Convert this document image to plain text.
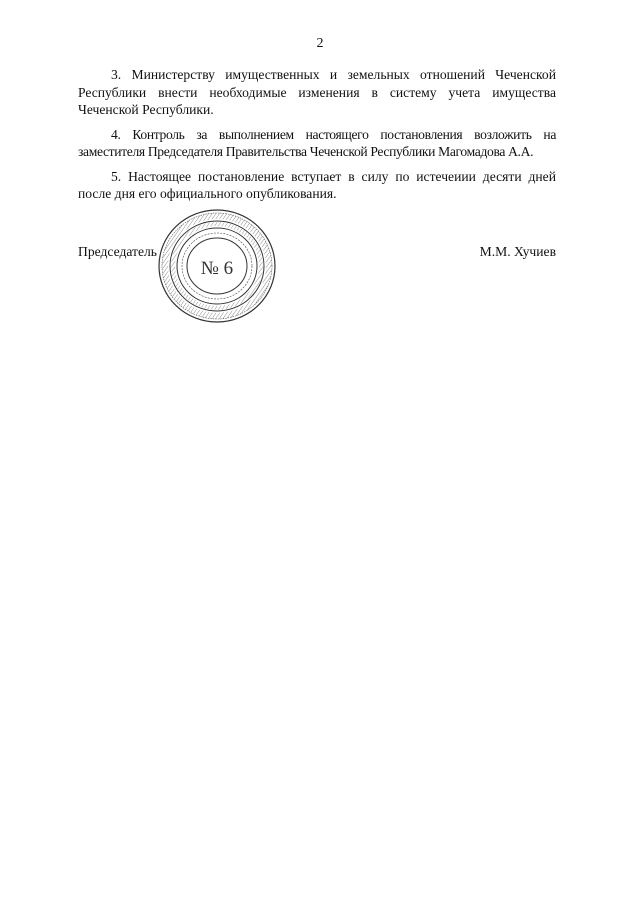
2

3. Министерству имущественных и земельных отношений Чеченской Республики внести необходимые изменения в систему учета имущества Чеченской Республики.

4. Контроль за выполнением настоящего постановления возложить на заместителя Председателя Правительства Чеченской Республики Магомадова А.А.

5. Настоящее постановление вступает в силу по истечеиии десяти дней после дня его официального опубликования.

Председатель	М.М. Хучиев
№ 6
